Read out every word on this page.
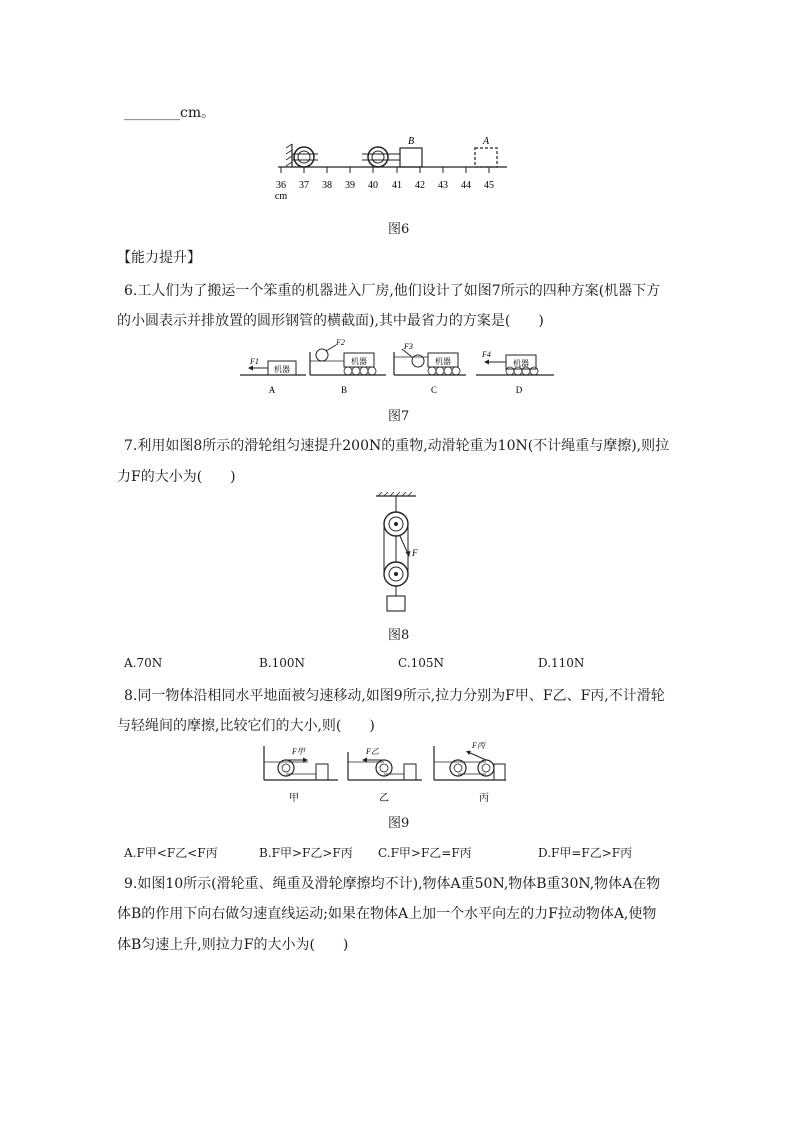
________cm。
36 37 38 39 40 41 42 43 44 45
cm
B	A
图6
【能力提升】
6.工人们为了搬运一个笨重的机器进入厂房,他们设计了如图7所示的四种方案(机器下方
的小圆表示并排放置的圆形钢管的横截面),其中最省力的方案是(　　)
机器
F1
A
机器
F2
B
机器
F3
C
机器
F4
D
图7
7.利用如图8所示的滑轮组匀速提升200N的重物,动滑轮重为10N(不计绳重与摩擦),则拉
力F的大小为(　　)
F
图8
A.70N	B.100N	C.105N	D.110N
8.同一物体沿相同水平地面被匀速移动,如图9所示,拉力分别为F甲、F乙、F丙,不计滑轮
与轻绳间的摩擦,比较它们的大小,则(　　)
F甲
甲
F乙
乙
F丙
丙
图9
A.F甲<F乙<F丙	B.F甲>F乙>F丙 C.F甲>F乙=F丙	D.F甲=F乙>F丙
9.如图10所示(滑轮重、绳重及滑轮摩擦均不计),物体A重50N,物体B重30N,物体A在物
体B的作用下向右做匀速直线运动;如果在物体A上加一个水平向左的力F拉动物体A,使物
体B匀速上升,则拉力F的大小为(　　)
